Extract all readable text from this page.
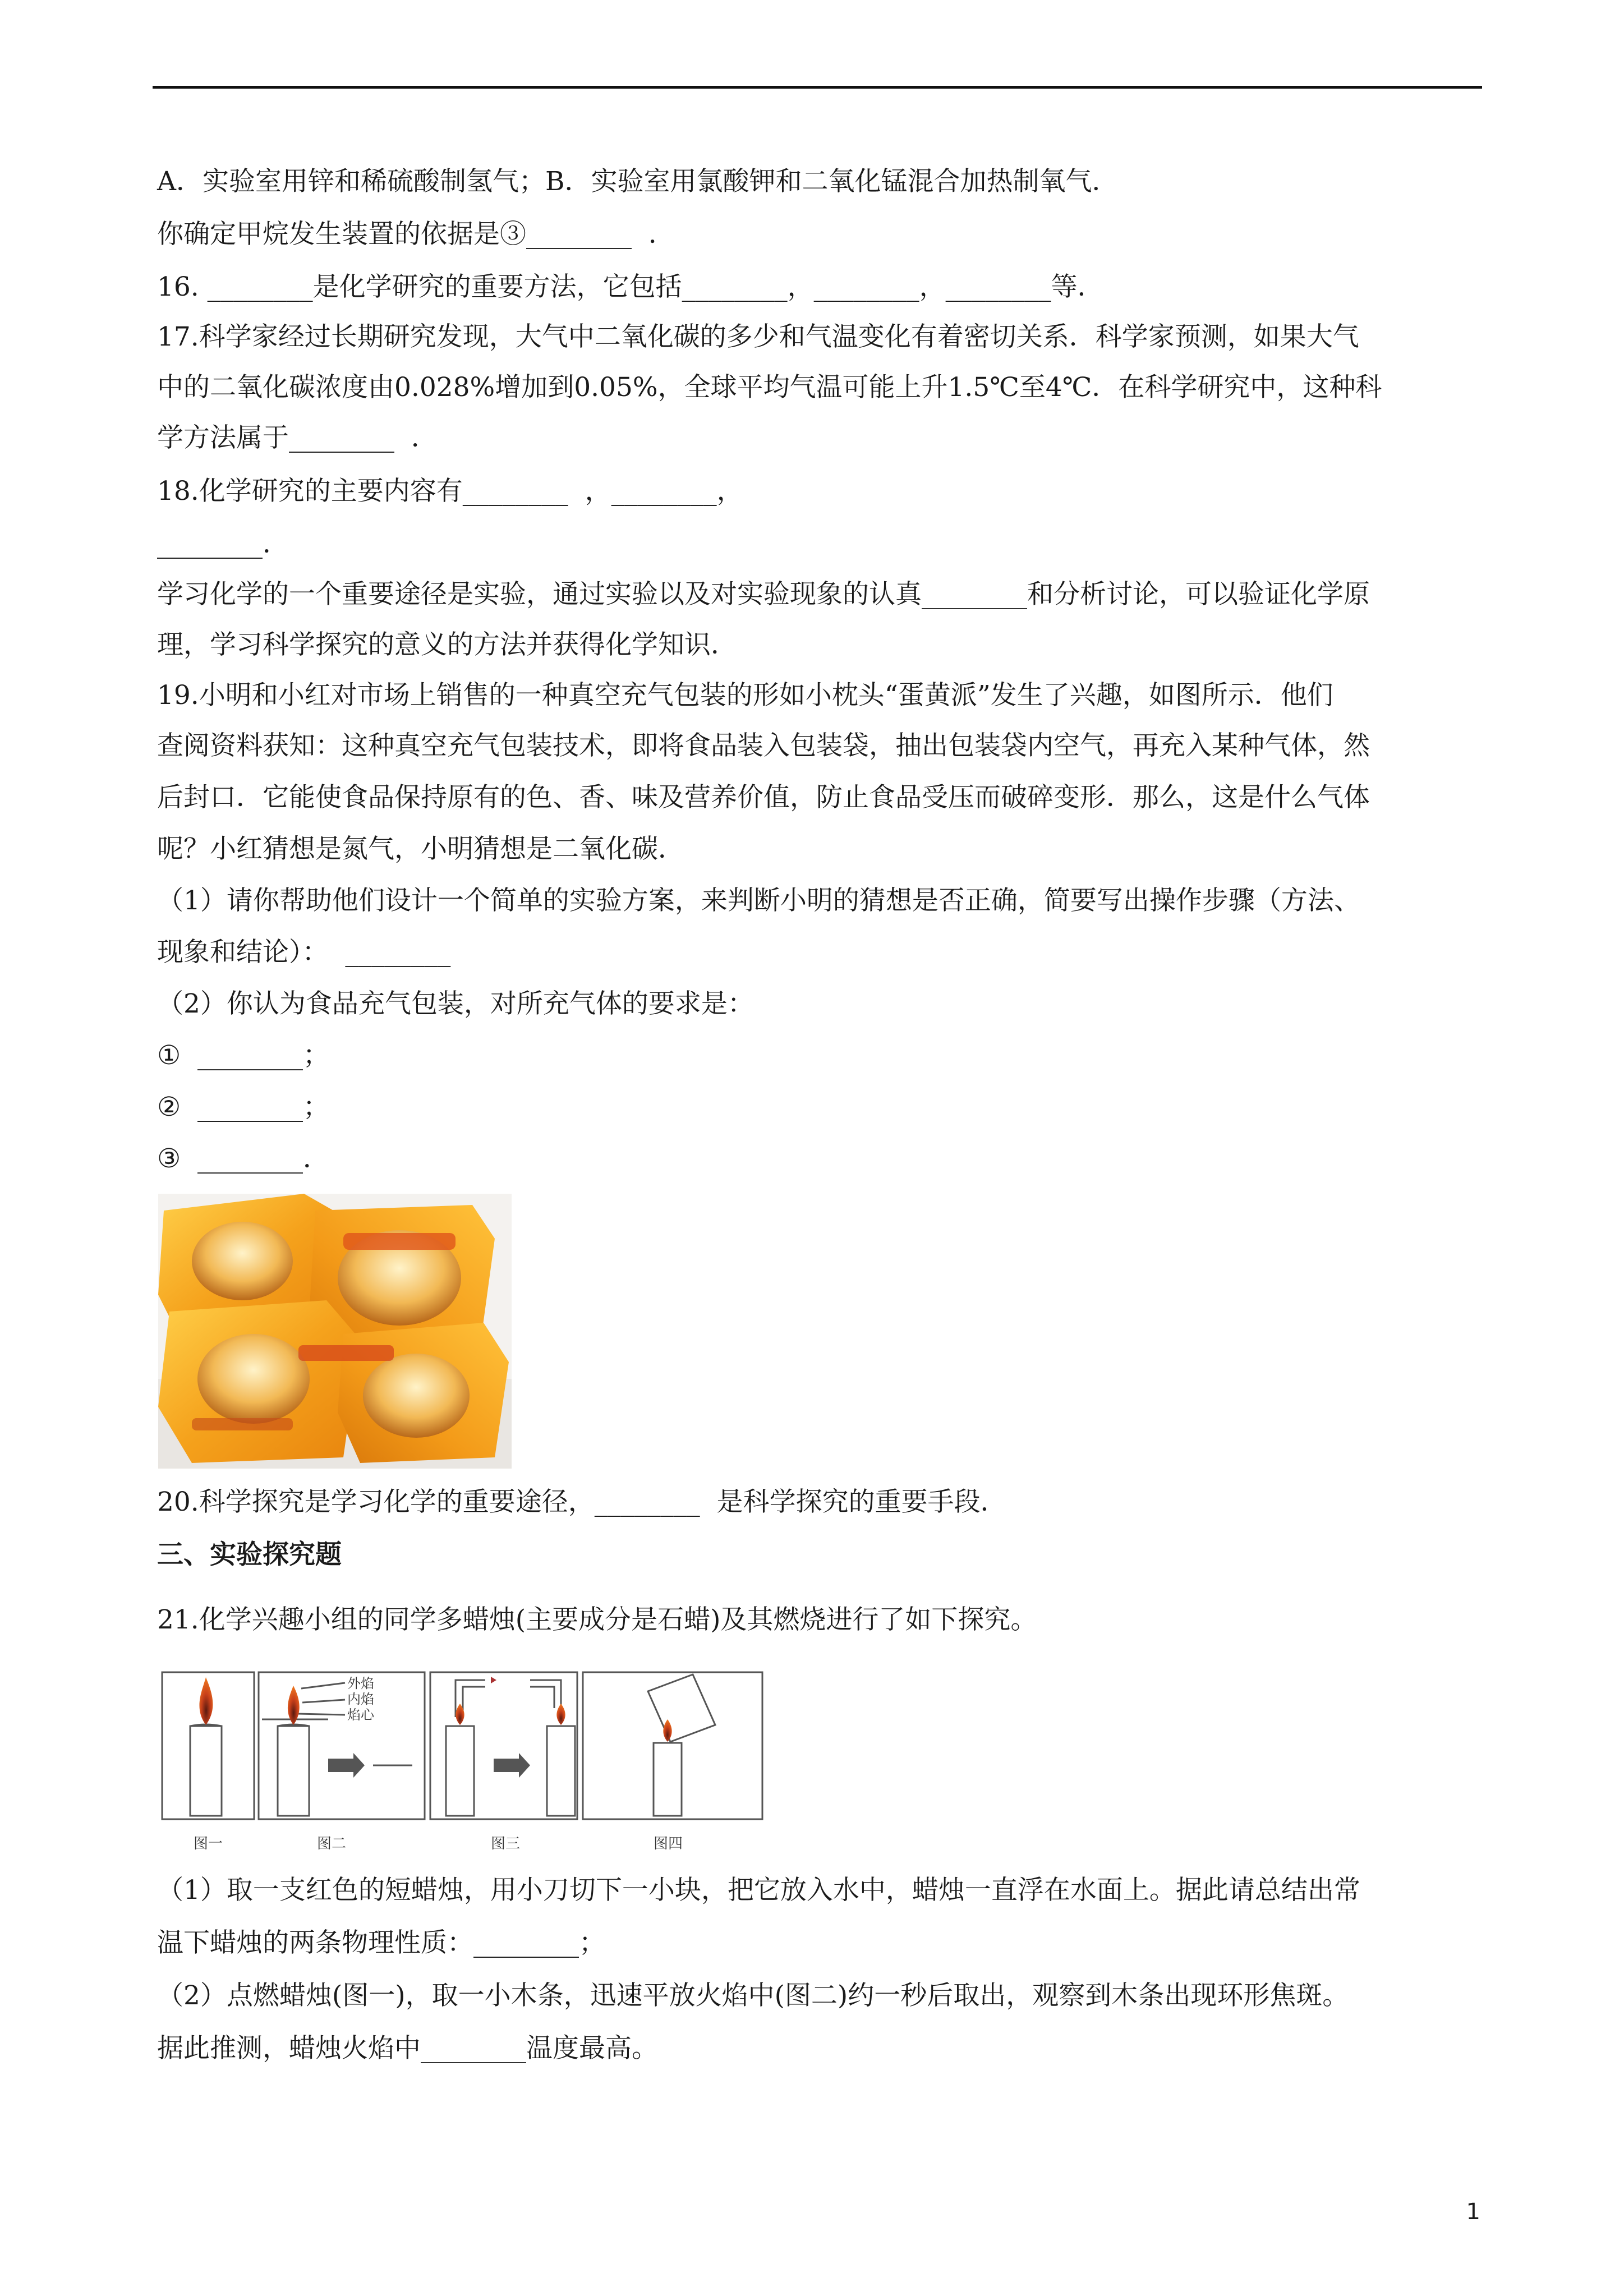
A．实验室用锌和稀硫酸制氢气；B．实验室用氯酸钾和二氧化锰混合加热制氧气．
你确定甲烷发生装置的依据是③________  ．
16. ________是化学研究的重要方法，它包括________，________，________等．
17.科学家经过长期研究发现，大气中二氧化碳的多少和气温变化有着密切关系．科学家预测，如果大气
中的二氧化碳浓度由0.028%增加到0.05%，全球平均气温可能上升1.5℃至4℃．在科学研究中，这种科
学方法属于________  ．
18.化学研究的主要内容有________  ，________，
________．
学习化学的一个重要途径是实验，通过实验以及对实验现象的认真________和分析讨论，可以验证化学原
理，学习科学探究的意义的方法并获得化学知识．
19.小明和小红对市场上销售的一种真空充气包装的形如小枕头“蛋黄派”发生了兴趣，如图所示．他们
查阅资料获知：这种真空充气包装技术，即将食品装入包装袋，抽出包装袋内空气，再充入某种气体，然
后封口．它能使食品保持原有的色、香、味及营养价值，防止食品受压而破碎变形．那么，这是什么气体
呢？小红猜想是氮气，小明猜想是二氧化碳．
（1）请你帮助他们设计一个简单的实验方案，来判断小明的猜想是否正确，简要写出操作步骤（方法、
现象和结论）：  ________
（2）你认为食品充气包装，对所充气体的要求是：
①  ________；
②  ________；
③  ________．
20.科学探究是学习化学的重要途径，________  是科学探究的重要手段．
三、实验探究题
21.化学兴趣小组的同学多蜡烛(主要成分是石蜡)及其燃烧进行了如下探究。
外焰
内焰
焰心
图一	图二	图三	图四
（1）取一支红色的短蜡烛，用小刀切下一小块，把它放入水中，蜡烛一直浮在水面上。据此请总结出常
温下蜡烛的两条物理性质：________；
（2）点燃蜡烛(图一)，取一小木条，迅速平放火焰中(图二)约一秒后取出，观察到木条出现环形焦斑。
据此推测，蜡烛火焰中________温度最高。
1
